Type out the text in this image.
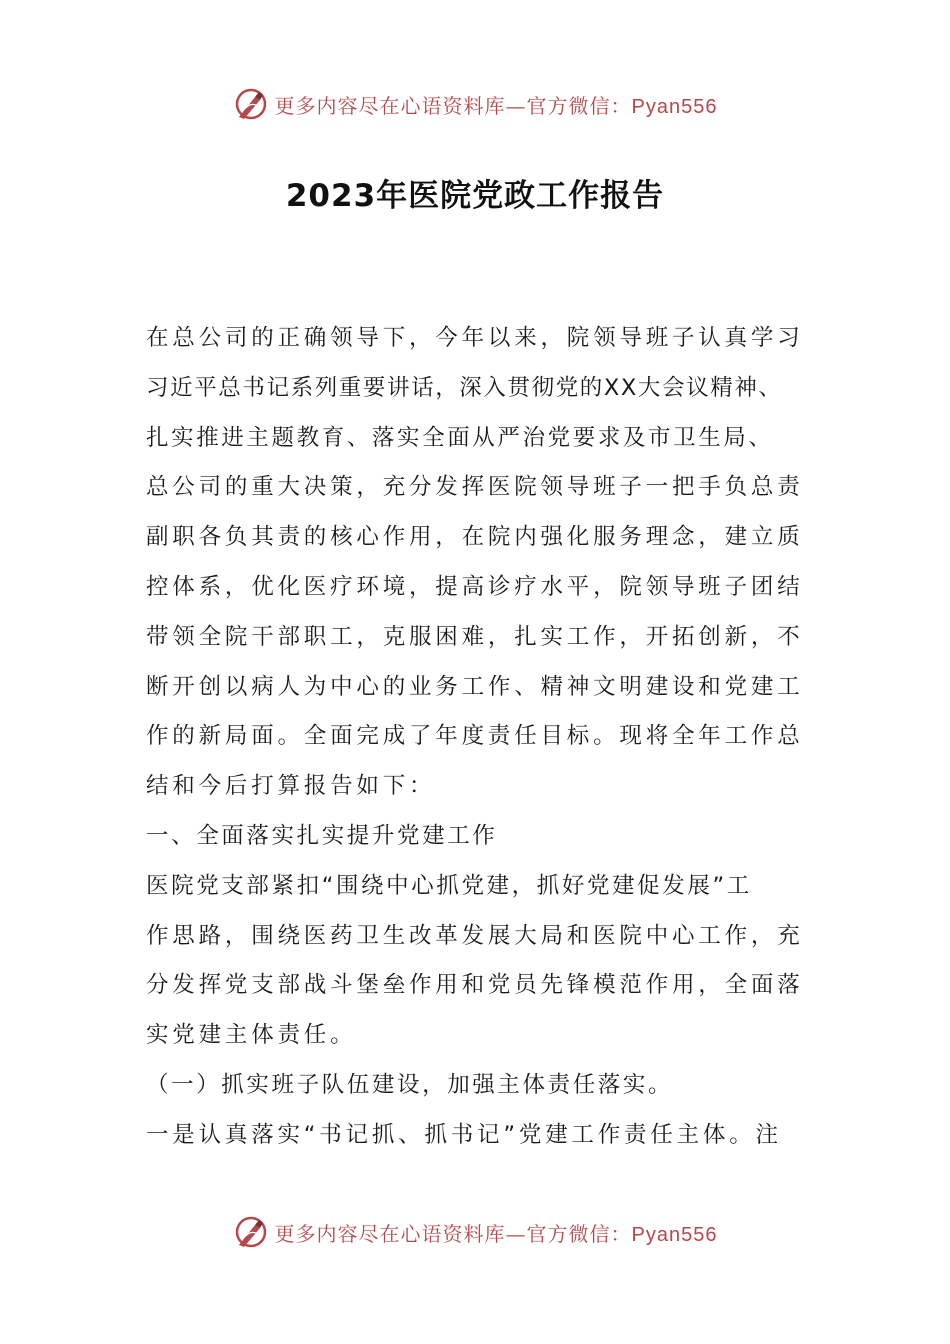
更多内容尽在心语资料库—官方微信：Pyan556
2023年医院党政工作报告
在总公司的正确领导下，今年以来，院领导班子认真学习
习近平总书记系列重要讲话，深入贯彻党的XX大会议精神、
扎实推进主题教育、落实全面从严治党要求及市卫生局、
总公司的重大决策，充分发挥医院领导班子一把手负总责
副职各负其责的核心作用，在院内强化服务理念，建立质
控体系，优化医疗环境，提高诊疗水平，院领导班子团结
带领全院干部职工，克服困难，扎实工作，开拓创新，不
断开创以病人为中心的业务工作、精神文明建设和党建工
作的新局面。全面完成了年度责任目标。现将全年工作总
结和今后打算报告如下：
一、全面落实扎实提升党建工作
医院党支部紧扣“围绕中心抓党建，抓好党建促发展”工
作思路，围绕医药卫生改革发展大局和医院中心工作，充
分发挥党支部战斗堡垒作用和党员先锋模范作用，全面落
实党建主体责任。
（一）抓实班子队伍建设，加强主体责任落实。
一是认真落实“书记抓、抓书记”党建工作责任主体。注
更多内容尽在心语资料库—官方微信：Pyan556
